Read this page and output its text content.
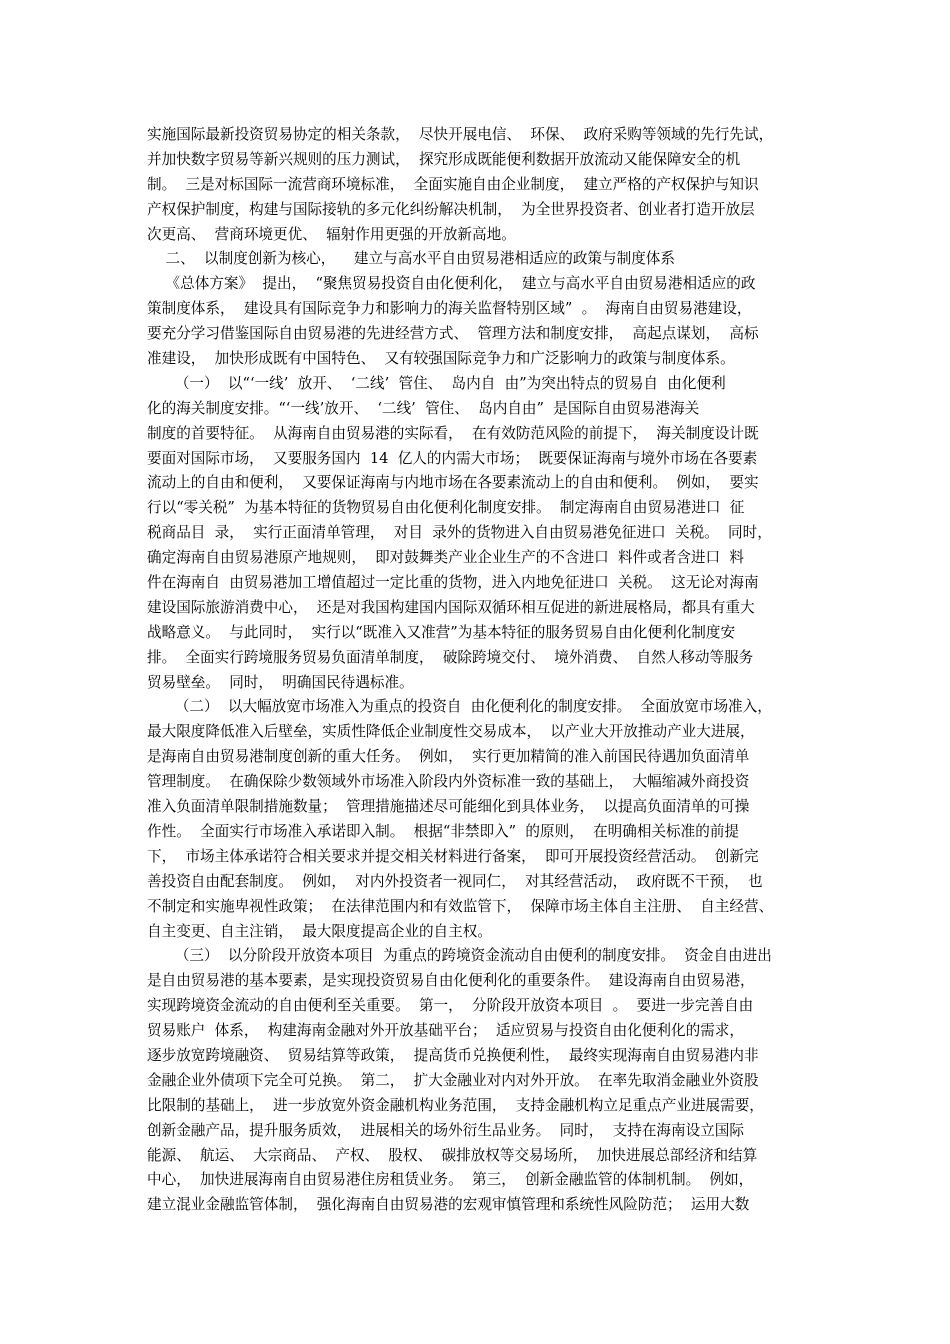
实施国际最新投资贸易协定的相关条款，  尽快开展电信、  环保、  政府采购等领域的先行先试，
并加快数字贸易等新兴规则的压力测试，  探究形成既能便利数据开放流动又能保障安全的机
制。  三是对标国际一流营商环境标准，  全面实施自由企业制度，  建立严格的产权保护与知识
产权保护制度，构建与国际接轨的多元化纠纷解决机制，  为全世界投资者、创业者打造开放层
次更高、  营商环境更优、  辐射作用更强的开放新高地。
二、  以制度创新为核心，    建立与高水平自由贸易港相适应的政策与制度体系
《总体方案》  提出，  “聚焦贸易投资自由化便利化，  建立与高水平自由贸易港相适应的政
策制度体系，  建设具有国际竞争力和影响力的海关监督特别区域”  。  海南自由贸易港建设，
要充分学习借鉴国际自由贸易港的先进经营方式、  管理方法和制度安排，  高起点谋划，  高标
准建设，  加快形成既有中国特色、  又有较强国际竞争力和广泛影响力的政策与制度体系。
（一）  以“‘一线’  放开、  ‘二线’  管住、  岛内自  由”为突出特点的贸易自  由化便利
化的海关制度安排。“‘一线’放开、  ‘二线’  管住、  岛内自由”  是国际自由贸易港海关
制度的首要特征。  从海南自由贸易港的实际看，  在有效防范风险的前提下，  海关制度设计既
要面对国际市场，  又要服务国内  14  亿人的内需大市场；  既要保证海南与境外市场在各要素
流动上的自由和便利，  又要保证海南与内地市场在各要素流动上的自由和便利。  例如，  要实
行以“零关税”  为基本特征的货物贸易自由化便利化制度安排。  制定海南自由贸易港进口  征
税商品目  录，  实行正面清单管理，  对目  录外的货物进入自由贸易港免征进口  关税。  同时，
确定海南自由贸易港原产地规则，  即对鼓舞类产业企业生产的不含进口  料件或者含进口  料
件在海南自  由贸易港加工增值超过一定比重的货物，进入内地免征进口  关税。  这无论对海南
建设国际旅游消费中心，  还是对我国构建国内国际双循环相互促进的新进展格局，都具有重大
战略意义。  与此同时，  实行以“既准入又准营”为基本特征的服务贸易自由化便利化制度安
排。  全面实行跨境服务贸易负面清单制度，  破除跨境交付、  境外消费、  自然人移动等服务
贸易壁垒。  同时，  明确国民待遇标准。
（二）  以大幅放宽市场准入为重点的投资自  由化便利化的制度安排。  全面放宽市场准入，
最大限度降低准入后壁垒，实质性降低企业制度性交易成本，  以产业大开放推动产业大进展，
是海南自由贸易港制度创新的重大任务。  例如，  实行更加精简的准入前国民待遇加负面清单
管理制度。  在确保除少数领域外市场准入阶段内外资标准一致的基础上，  大幅缩减外商投资
准入负面清单限制措施数量；  管理措施描述尽可能细化到具体业务，  以提高负面清单的可操
作性。  全面实行市场准入承诺即入制。  根据“非禁即入”  的原则，  在明确相关标准的前提
下，  市场主体承诺符合相关要求并提交相关材料进行备案，  即可开展投资经营活动。  创新完
善投资自由配套制度。  例如，  对内外投资者一视同仁，  对其经营活动，  政府既不干预，  也
不制定和实施卑视性政策；  在法律范围内和有效监管下，  保障市场主体自主注册、  自主经营、
自主变更、自主注销，  最大限度提高企业的自主权。
（三）  以分阶段开放资本项目  为重点的跨境资金流动自由便利的制度安排。  资金自由进出
是自由贸易港的基本要素，是实现投资贸易自由化便利化的重要条件。  建设海南自由贸易港，
实现跨境资金流动的自由便利至关重要。  第一，  分阶段开放资本项目  。  要进一步完善自由
贸易账户  体系，  构建海南金融对外开放基础平台；  适应贸易与投资自由化便利化的需求，
逐步放宽跨境融资、  贸易结算等政策，  提高货币兑换便利性，  最终实现海南自由贸易港内非
金融企业外债项下完全可兑换。  第二，  扩大金融业对内对外开放。  在率先取消金融业外资股
比限制的基础上，  进一步放宽外资金融机构业务范围，  支持金融机构立足重点产业进展需要，
创新金融产品，提升服务质效，  进展相关的场外衍生品业务。  同时，  支持在海南设立国际
能源、  航运、  大宗商品、  产权、  股权、  碳排放权等交易场所，  加快进展总部经济和结算
中心，  加快进展海南自由贸易港住房租赁业务。  第三，  创新金融监管的体制机制。  例如，
建立混业金融监管体制，  强化海南自由贸易港的宏观审慎管理和系统性风险防范；  运用大数
